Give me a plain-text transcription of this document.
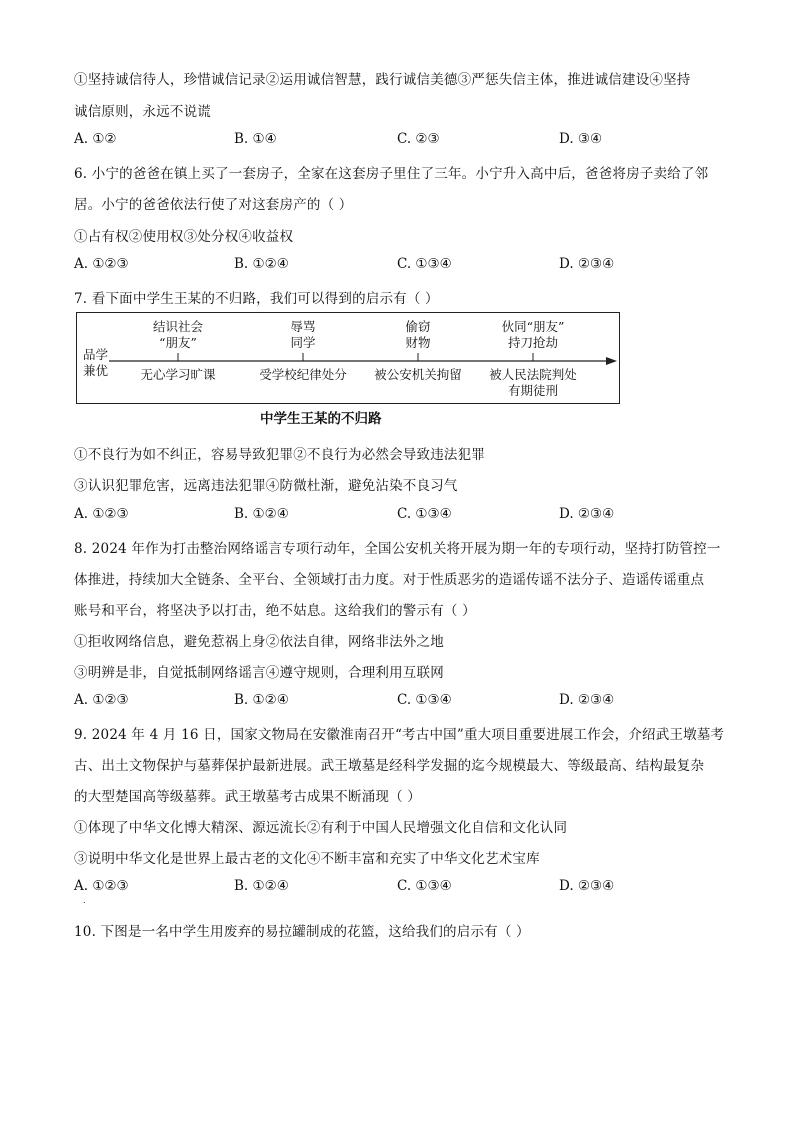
①坚持诚信待人，珍惜诚信记录②运用诚信智慧，践行诚信美德③严惩失信主体，推进诚信建设④坚持
诚信原则，永远不说谎
A. ①②	B. ①④	C. ②③	D. ③④
6. 小宁的爸爸在镇上买了一套房子，全家在这套房子里住了三年。小宁升入高中后，爸爸将房子卖给了邻
居。小宁的爸爸依法行使了对这套房产的（ ）
①占有权②使用权③处分权④收益权
A. ①②③	B. ①②④	C. ①③④	D. ②③④
7. 看下面中学生王某的不归路，我们可以得到的启示有（ ）
品学
兼优
结识社会
“朋友”
辱骂
同学
偷窃
财物
伙同“朋友”
持刀抢劫
无心学习旷课	受学校纪律处分	被公安机关拘留	被人民法院判处
有期徒刑
中学生王某的不归路
①不良行为如不纠正，容易导致犯罪②不良行为必然会导致违法犯罪
③认识犯罪危害，远离违法犯罪④防微杜渐，避免沾染不良习气
A. ①②③	B. ①②④	C. ①③④	D. ②③④
8. 2024 年作为打击整治网络谣言专项行动年，全国公安机关将开展为期一年的专项行动，坚持打防管控一
体推进，持续加大全链条、全平台、全领域打击力度。对于性质恶劣的造谣传谣不法分子、造谣传谣重点
账号和平台，将坚决予以打击，绝不姑息。这给我们的警示有（ ）
①拒收网络信息，避免惹祸上身②依法自律，网络非法外之地
③明辨是非，自觉抵制网络谣言④遵守规则，合理利用互联网
A. ①②③	B. ①②④	C. ①③④	D. ②③④
9. 2024 年 4 月 16 日，国家文物局在安徽淮南召开“考古中国”重大项目重要进展工作会，介绍武王墩墓考
古、出土文物保护与墓葬保护最新进展。武王墩墓是经科学发掘的迄今规模最大、等级最高、结构最复杂
的大型楚国高等级墓葬。武王墩墓考古成果不断涌现（ ）
①体现了中华文化博大精深、源远流长②有利于中国人民增强文化自信和文化认同
③说明中华文化是世界上最古老的文化④不断丰富和充实了中华文化艺术宝库
A. ①②③	B. ①②④	C. ①③④	D. ②③④
.
10. 下图是一名中学生用废弃的易拉罐制成的花篮，这给我们的启示有（ ）
